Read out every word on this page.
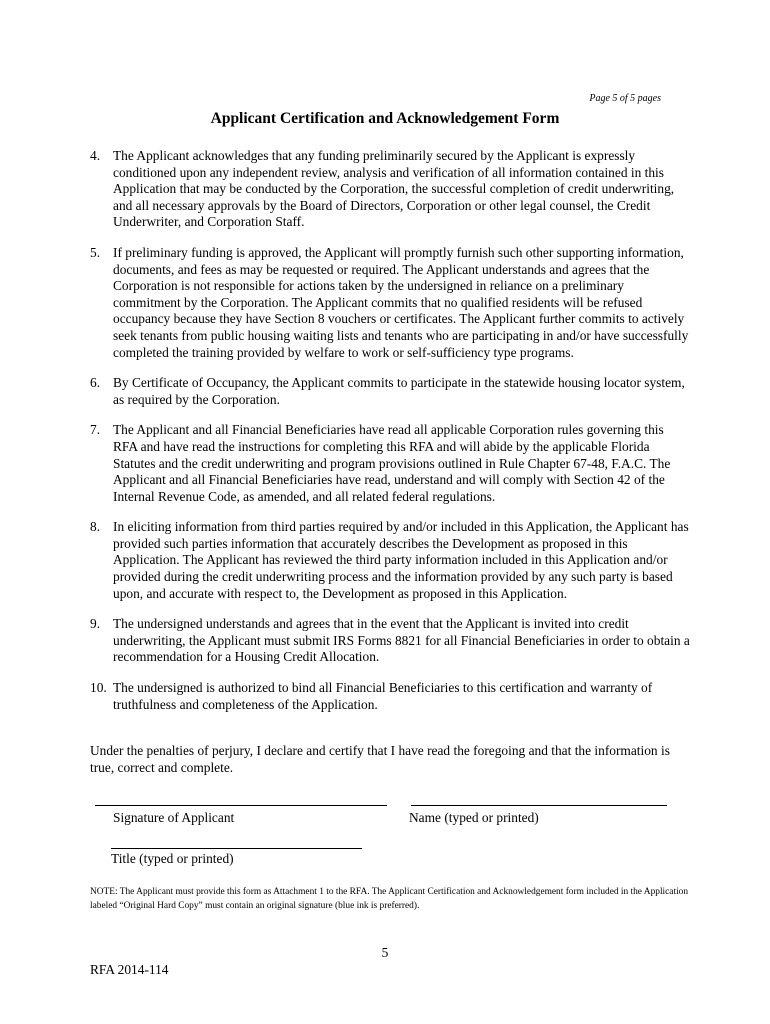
Page 5 of 5 pages
Applicant Certification and Acknowledgement Form
4. The Applicant acknowledges that any funding preliminarily secured by the Applicant is expressly conditioned upon any independent review, analysis and verification of all information contained in this Application that may be conducted by the Corporation, the successful completion of credit underwriting, and all necessary approvals by the Board of Directors, Corporation or other legal counsel, the Credit Underwriter, and Corporation Staff.
5. If preliminary funding is approved, the Applicant will promptly furnish such other supporting information, documents, and fees as may be requested or required. The Applicant understands and agrees that the Corporation is not responsible for actions taken by the undersigned in reliance on a preliminary commitment by the Corporation. The Applicant commits that no qualified residents will be refused occupancy because they have Section 8 vouchers or certificates. The Applicant further commits to actively seek tenants from public housing waiting lists and tenants who are participating in and/or have successfully completed the training provided by welfare to work or self-sufficiency type programs.
6. By Certificate of Occupancy, the Applicant commits to participate in the statewide housing locator system, as required by the Corporation.
7. The Applicant and all Financial Beneficiaries have read all applicable Corporation rules governing this RFA and have read the instructions for completing this RFA and will abide by the applicable Florida Statutes and the credit underwriting and program provisions outlined in Rule Chapter 67-48, F.A.C. The Applicant and all Financial Beneficiaries have read, understand and will comply with Section 42 of the Internal Revenue Code, as amended, and all related federal regulations.
8. In eliciting information from third parties required by and/or included in this Application, the Applicant has provided such parties information that accurately describes the Development as proposed in this Application. The Applicant has reviewed the third party information included in this Application and/or provided during the credit underwriting process and the information provided by any such party is based upon, and accurate with respect to, the Development as proposed in this Application.
9. The undersigned understands and agrees that in the event that the Applicant is invited into credit underwriting, the Applicant must submit IRS Forms 8821 for all Financial Beneficiaries in order to obtain a recommendation for a Housing Credit Allocation.
10. The undersigned is authorized to bind all Financial Beneficiaries to this certification and warranty of truthfulness and completeness of the Application.
Under the penalties of perjury, I declare and certify that I have read the foregoing and that the information is true, correct and complete.
Signature of Applicant	Name (typed or printed)
Title (typed or printed)
NOTE: The Applicant must provide this form as Attachment 1 to the RFA. The Applicant Certification and Acknowledgement form included in the Application labeled “Original Hard Copy” must contain an original signature (blue ink is preferred).
5
RFA 2014-114
